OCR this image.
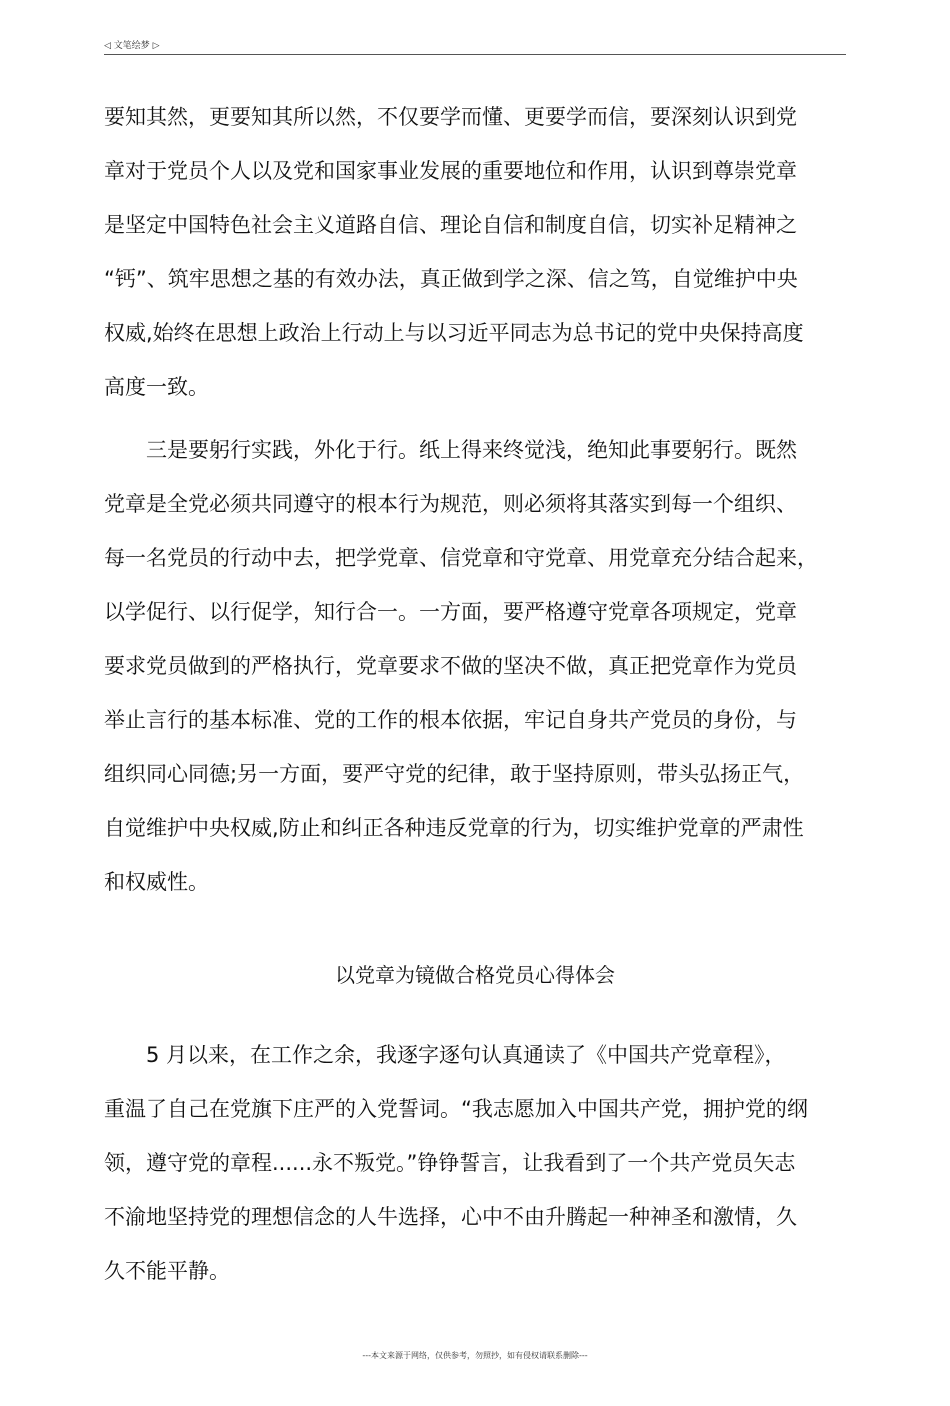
◁ 文笔绘梦 ▷
要知其然，更要知其所以然，不仅要学而懂、更要学而信，要深刻认识到党
章对于党员个人以及党和国家事业发展的重要地位和作用，认识到尊崇党章
是坚定中国特色社会主义道路自信、理论自信和制度自信，切实补足精神之
“钙”、筑牢思想之基的有效办法，真正做到学之深、信之笃，自觉维护中央
权威,始终在思想上政治上行动上与以习近平同志为总书记的党中央保持高度
高度一致。
三是要躬行实践，外化于行。纸上得来终觉浅，绝知此事要躬行。既然
党章是全党必须共同遵守的根本行为规范，则必须将其落实到每一个组织、
每一名党员的行动中去，把学党章、信党章和守党章、用党章充分结合起来，
以学促行、以行促学，知行合一。一方面，要严格遵守党章各项规定，党章
要求党员做到的严格执行，党章要求不做的坚决不做，真正把党章作为党员
举止言行的基本标准、党的工作的根本依据，牢记自身共产党员的身份，与
组织同心同德;另一方面，要严守党的纪律，敢于坚持原则，带头弘扬正气，
自觉维护中央权威,防止和纠正各种违反党章的行为，切实维护党章的严肃性
和权威性。
以党章为镜做合格党员心得体会
5 月以来，在工作之余，我逐字逐句认真通读了《中国共产党章程》，
重温了自己在党旗下庄严的入党誓词。“我志愿加入中国共产党，拥护党的纲
领，遵守党的章程......永不叛党。”铮铮誓言，让我看到了一个共产党员矢志
不渝地坚持党的理想信念的人牛选择，心中不由升腾起一种神圣和激情，久
久不能平静。
---本文来源于网络，仅供参考，勿照抄，如有侵权请联系删除---
